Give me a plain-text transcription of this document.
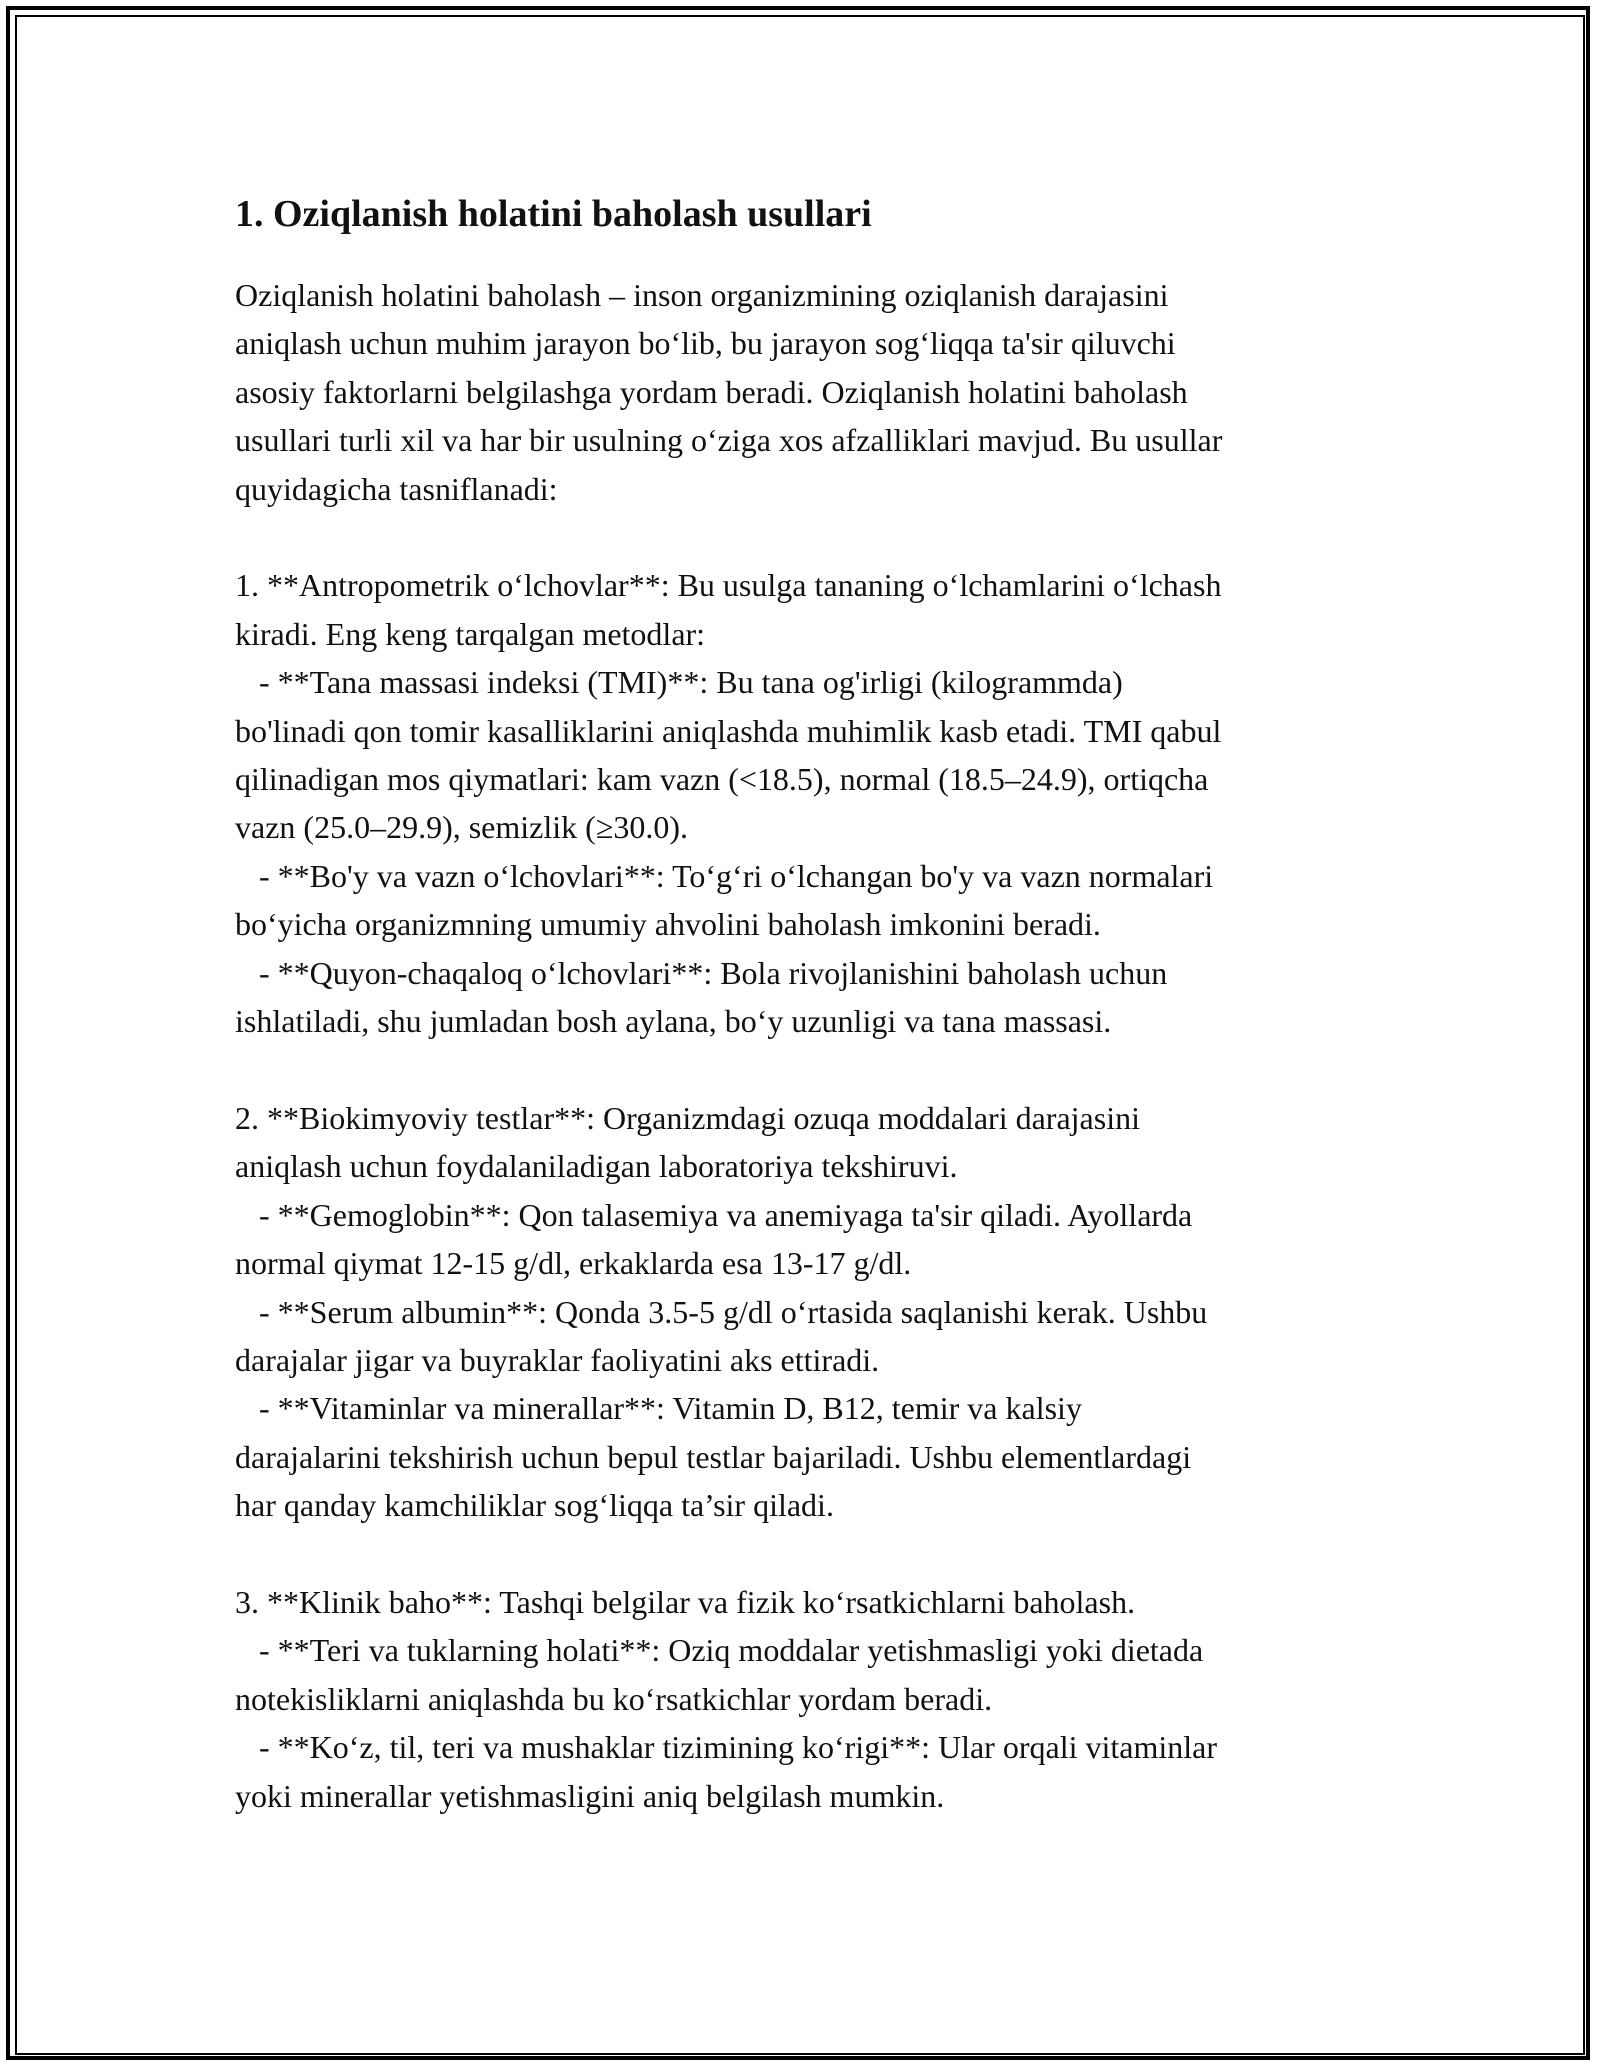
1. Oziqlanish holatini baholash usullari

Oziqlanish holatini baholash – inson organizmining oziqlanish darajasini
aniqlash uchun muhim jarayon bo‘lib, bu jarayon sog‘liqqa ta'sir qiluvchi
asosiy faktorlarni belgilashga yordam beradi. Oziqlanish holatini baholash
usullari turli xil va har bir usulning o‘ziga xos afzalliklari mavjud. Bu usullar
quyidagicha tasniflanadi:

1. **Antropometrik o‘lchovlar**: Bu usulga tananing o‘lchamlarini o‘lchash
kiradi. Eng keng tarqalgan metodlar:
- **Tana massasi indeksi (TMI)**: Bu tana og'irligi (kilogrammda)
bo'linadi qon tomir kasalliklarini aniqlashda muhimlik kasb etadi. TMI qabul
qilinadigan mos qiymatlari: kam vazn (<18.5), normal (18.5–24.9), ortiqcha
vazn (25.0–29.9), semizlik (≥30.0).
- **Bo'y va vazn o‘lchovlari**: To‘g‘ri o‘lchangan bo'y va vazn normalari
bo‘yicha organizmning umumiy ahvolini baholash imkonini beradi.
- **Quyon-chaqaloq o‘lchovlari**: Bola rivojlanishini baholash uchun
ishlatiladi, shu jumladan bosh aylana, bo‘y uzunligi va tana massasi.

2. **Biokimyoviy testlar**: Organizmdagi ozuqa moddalari darajasini
aniqlash uchun foydalaniladigan laboratoriya tekshiruvi.
- **Gemoglobin**: Qon talasemiya va anemiyaga ta'sir qiladi. Ayollarda
normal qiymat 12-15 g/dl, erkaklarda esa 13-17 g/dl.
- **Serum albumin**: Qonda 3.5-5 g/dl o‘rtasida saqlanishi kerak. Ushbu
darajalar jigar va buyraklar faoliyatini aks ettiradi.
- **Vitaminlar va minerallar**: Vitamin D, B12, temir va kalsiy
darajalarini tekshirish uchun bepul testlar bajariladi. Ushbu elementlardagi
har qanday kamchiliklar sog‘liqqa ta’sir qiladi.

3. **Klinik baho**: Tashqi belgilar va fizik ko‘rsatkichlarni baholash.
- **Teri va tuklarning holati**: Oziq moddalar yetishmasligi yoki dietada
notekisliklarni aniqlashda bu ko‘rsatkichlar yordam beradi.
- **Ko‘z, til, teri va mushaklar tizimining ko‘rigi**: Ular orqali vitaminlar
yoki minerallar yetishmasligini aniq belgilash mumkin.
